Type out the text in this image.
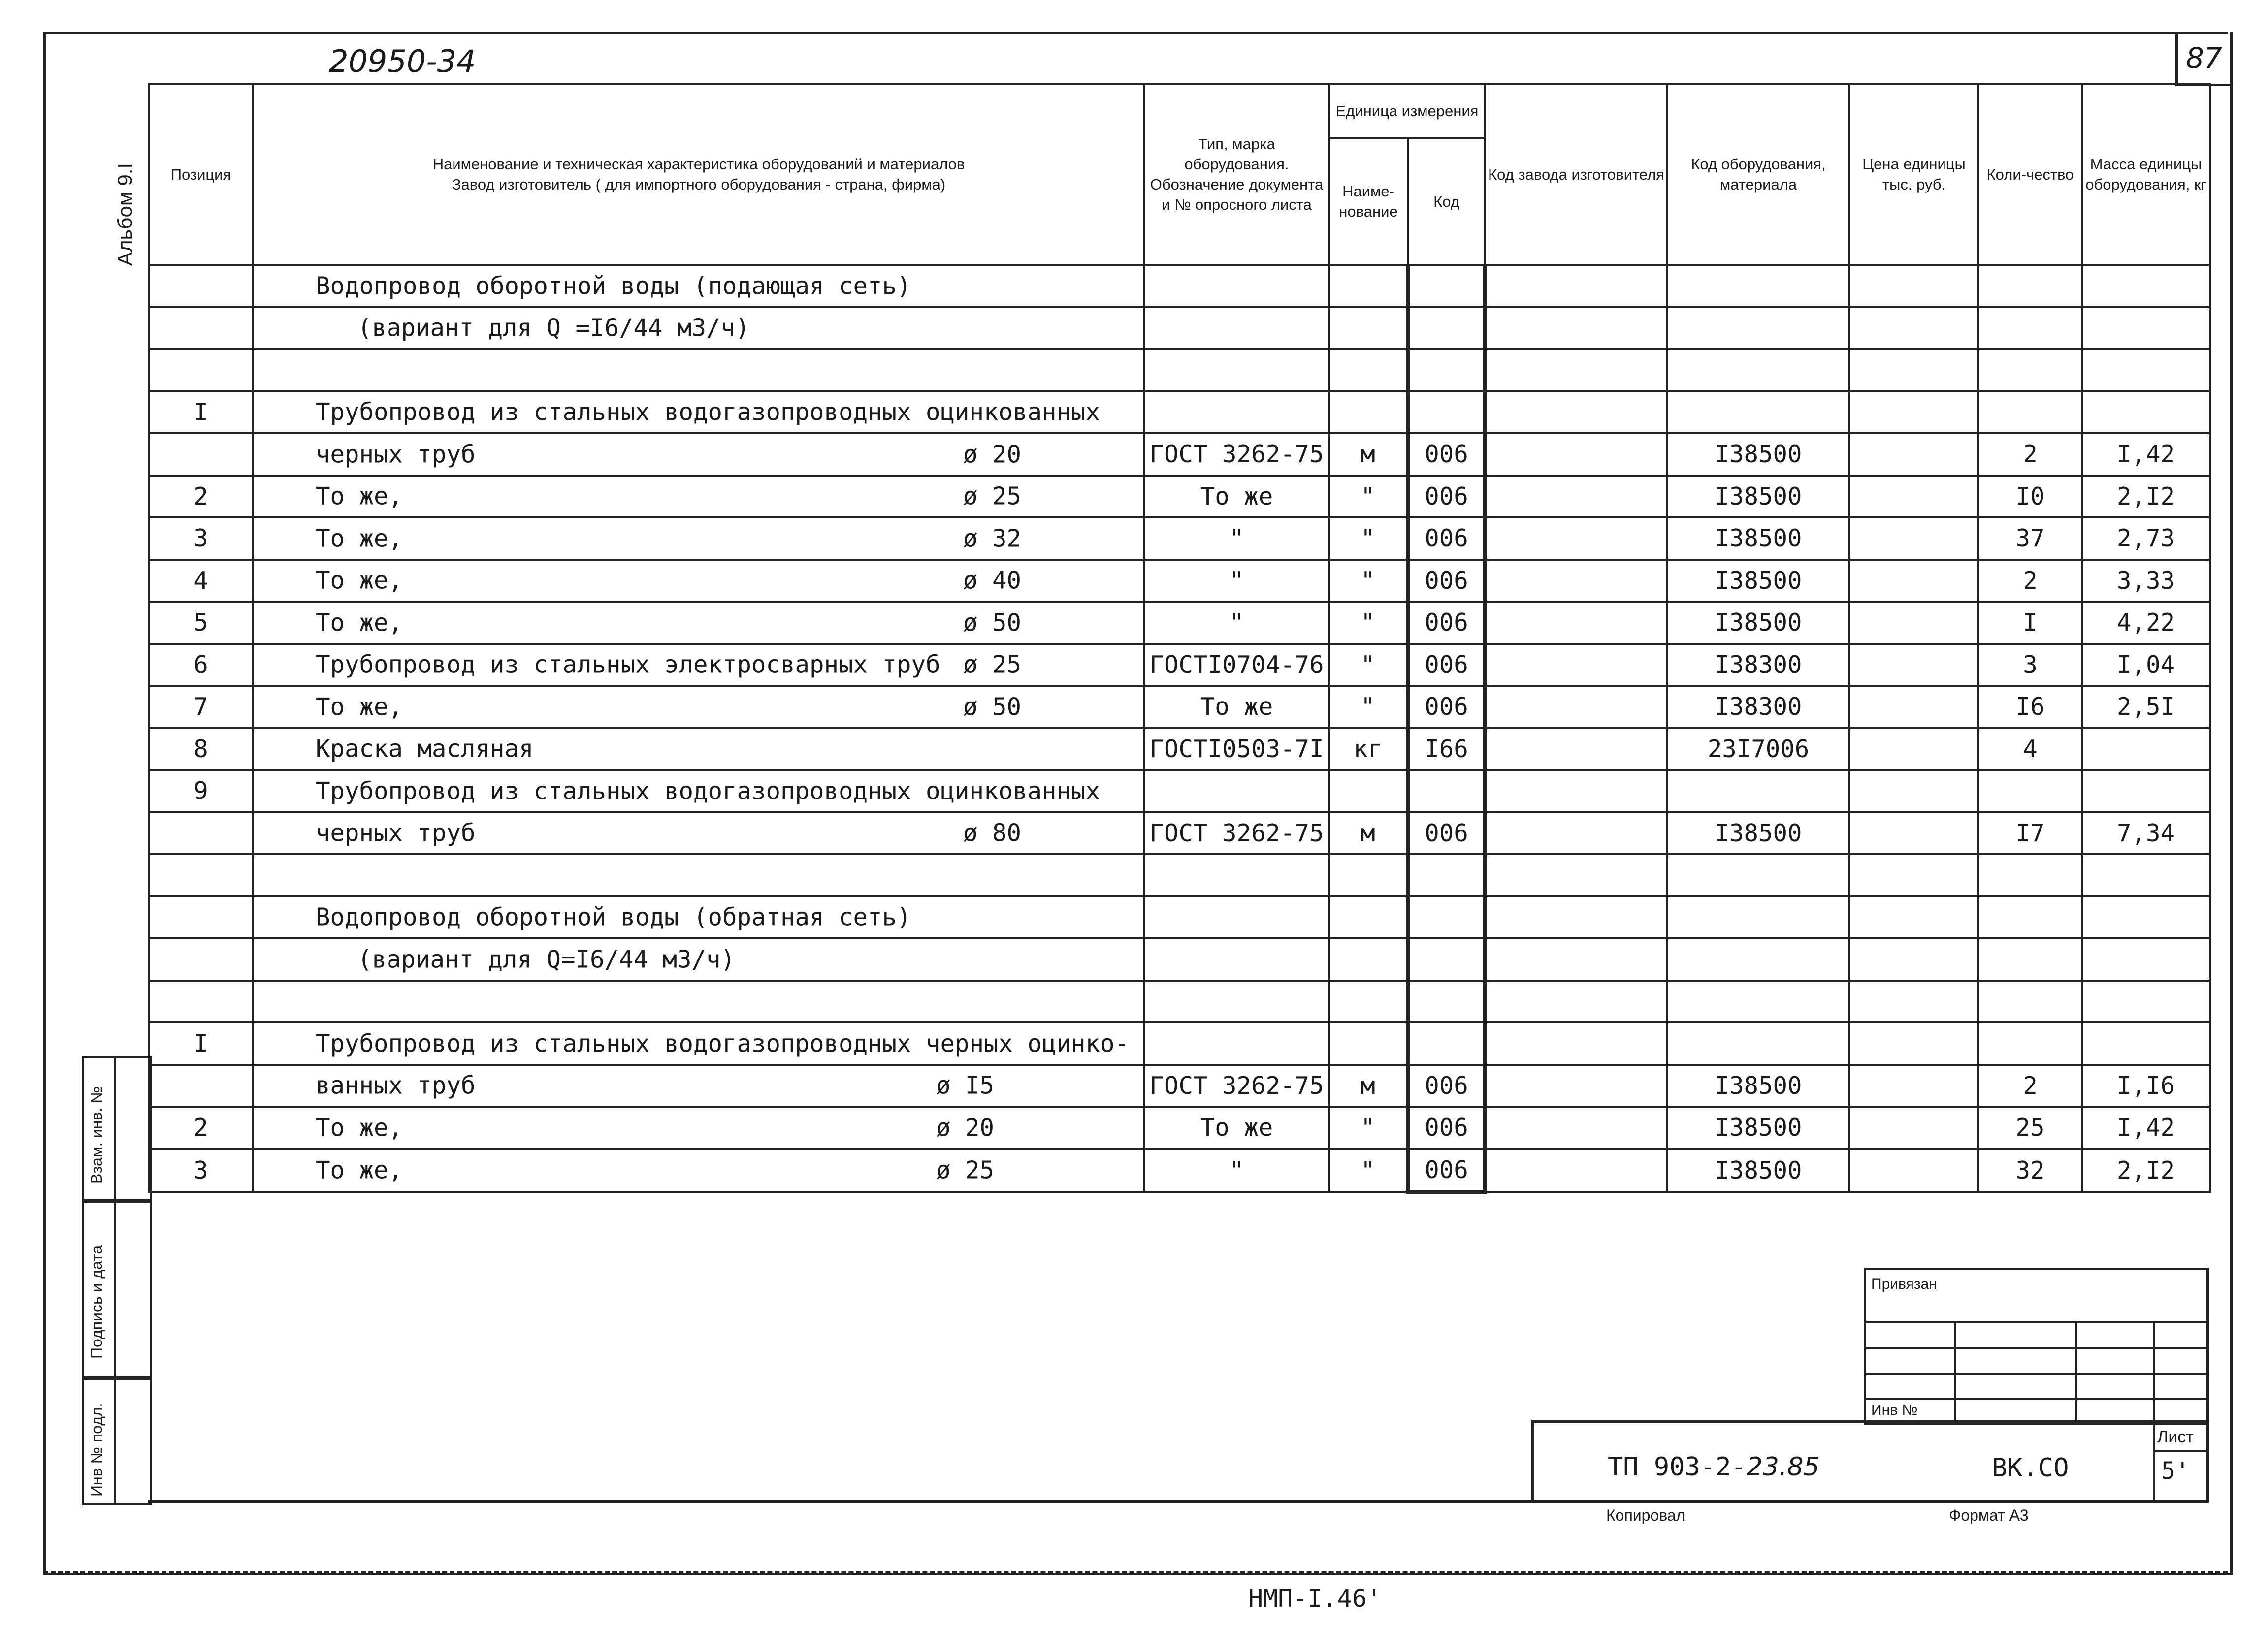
20950-34	87
Альбом 9.I Позиция	Наименование и техническая характеристика оборудований и материалов
Завод изготовитель ( для импортного оборудования - страна, фирма)	Тип, марка оборудования. Обозначение документа и № опросного листа	Единица измерения		Код завода изготовителя	Код оборудования, материала	Цена единицы тыс. руб.	Коли-чество	Масса единицы оборудования, кг
			Наиме-нование	Код					

	Водопровод оборотной воды (подающая сеть)								

	(вариант для Q =I6/44 м3/ч)								

I	Трубопровод из стальных водогазопроводных оцинкованных								

	черных труб ø 20	ГОСТ 3262-75	м	006		I38500		2	I,42
2	То же, ø 25	То же	"	006		I38500		I0	2,I2
3	То же, ø 32	"	"	006		I38500		37	2,73
4	То же, ø 40	"	"	006		I38500		2	3,33
5	То же, ø 50	"	"	006		I38500		I	4,22
6	Трубопровод из стальных электросварных труб ø 25	ГОСТI0704-76	"	006		I38300		3	I,04
7	То же, ø 50	То же	"	006		I38300		I6	2,5I
8	Краска масляная	ГОСТI0503-7I	кг	I66		23I7006		4	
9	Трубопровод из стальных водогазопроводных оцинкованных								

	черных труб ø 80	ГОСТ 3262-75	м	006		I38500		I7	7,34

	Водопровод оборотной воды (обратная сеть)								

	(вариант для Q=I6/44 м3/ч)								

I	Трубопровод из стальных водогазопроводных черных оцинко-								

	ванных труб ø I5	ГОСТ 3262-75	м	006		I38500		2	I,I6
2	То же, ø 20	То же	"	006		I38500		25	I,42
3	То же, ø 25	"	"	006		I38500		32	2,I2
Взам. инв. №
Подпись и дата
Инв № подл.
Привязан
Инв №
ТП 903-2-23.85	ВК.СО
Лист
5'
Копировал	Формат А3
НМП-I.46'
